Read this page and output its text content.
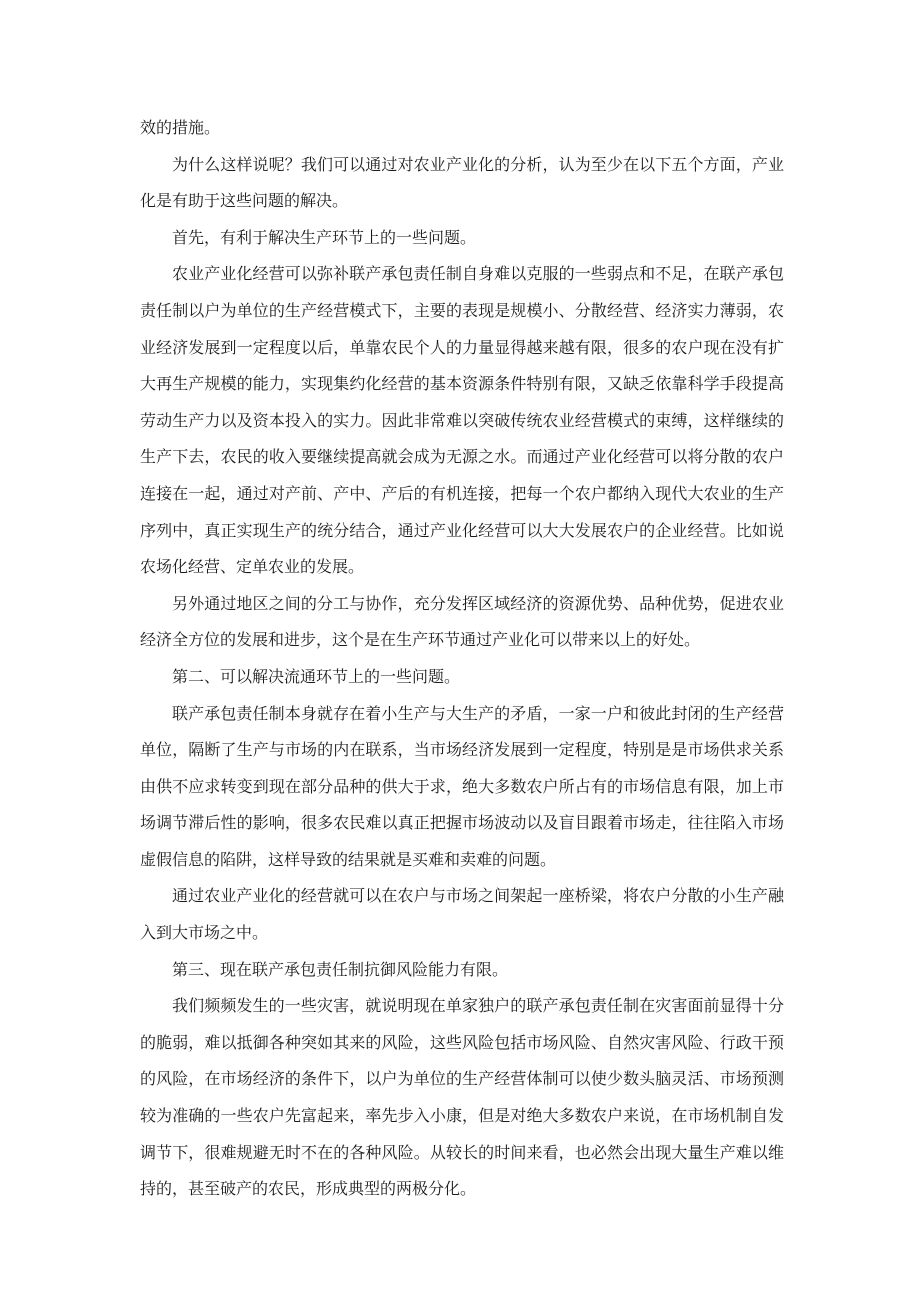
效的措施。

为什么这样说呢？我们可以通过对农业产业化的分析，认为至少在以下五个方面，产业化是有助于这些问题的解决。

首先，有利于解决生产环节上的一些问题。

农业产业化经营可以弥补联产承包责任制自身难以克服的一些弱点和不足，在联产承包责任制以户为单位的生产经营模式下，主要的表现是规模小、分散经营、经济实力薄弱，农业经济发展到一定程度以后，单靠农民个人的力量显得越来越有限，很多的农户现在没有扩大再生产规模的能力，实现集约化经营的基本资源条件特别有限，又缺乏依靠科学手段提高劳动生产力以及资本投入的实力。因此非常难以突破传统农业经营模式的束缚，这样继续的生产下去，农民的收入要继续提高就会成为无源之水。而通过产业化经营可以将分散的农户连接在一起，通过对产前、产中、产后的有机连接，把每一个农户都纳入现代大农业的生产序列中，真正实现生产的统分结合，通过产业化经营可以大大发展农户的企业经营。比如说农场化经营、定单农业的发展。

另外通过地区之间的分工与协作，充分发挥区域经济的资源优势、品种优势，促进农业经济全方位的发展和进步，这个是在生产环节通过产业化可以带来以上的好处。

第二、可以解决流通环节上的一些问题。

联产承包责任制本身就存在着小生产与大生产的矛盾，一家一户和彼此封闭的生产经营单位，隔断了生产与市场的内在联系，当市场经济发展到一定程度，特别是是市场供求关系由供不应求转变到现在部分品种的供大于求，绝大多数农户所占有的市场信息有限，加上市场调节滞后性的影响，很多农民难以真正把握市场波动以及盲目跟着市场走，往往陷入市场虚假信息的陷阱，这样导致的结果就是买难和卖难的问题。

通过农业产业化的经营就可以在农户与市场之间架起一座桥梁，将农户分散的小生产融入到大市场之中。

第三、现在联产承包责任制抗御风险能力有限。

我们频频发生的一些灾害，就说明现在单家独户的联产承包责任制在灾害面前显得十分的脆弱，难以抵御各种突如其来的风险，这些风险包括市场风险、自然灾害风险、行政干预的风险，在市场经济的条件下，以户为单位的生产经营体制可以使少数头脑灵活、市场预测较为准确的一些农户先富起来，率先步入小康，但是对绝大多数农户来说，在市场机制自发调节下，很难规避无时不在的各种风险。从较长的时间来看，也必然会出现大量生产难以维持的，甚至破产的农民，形成典型的两极分化。
